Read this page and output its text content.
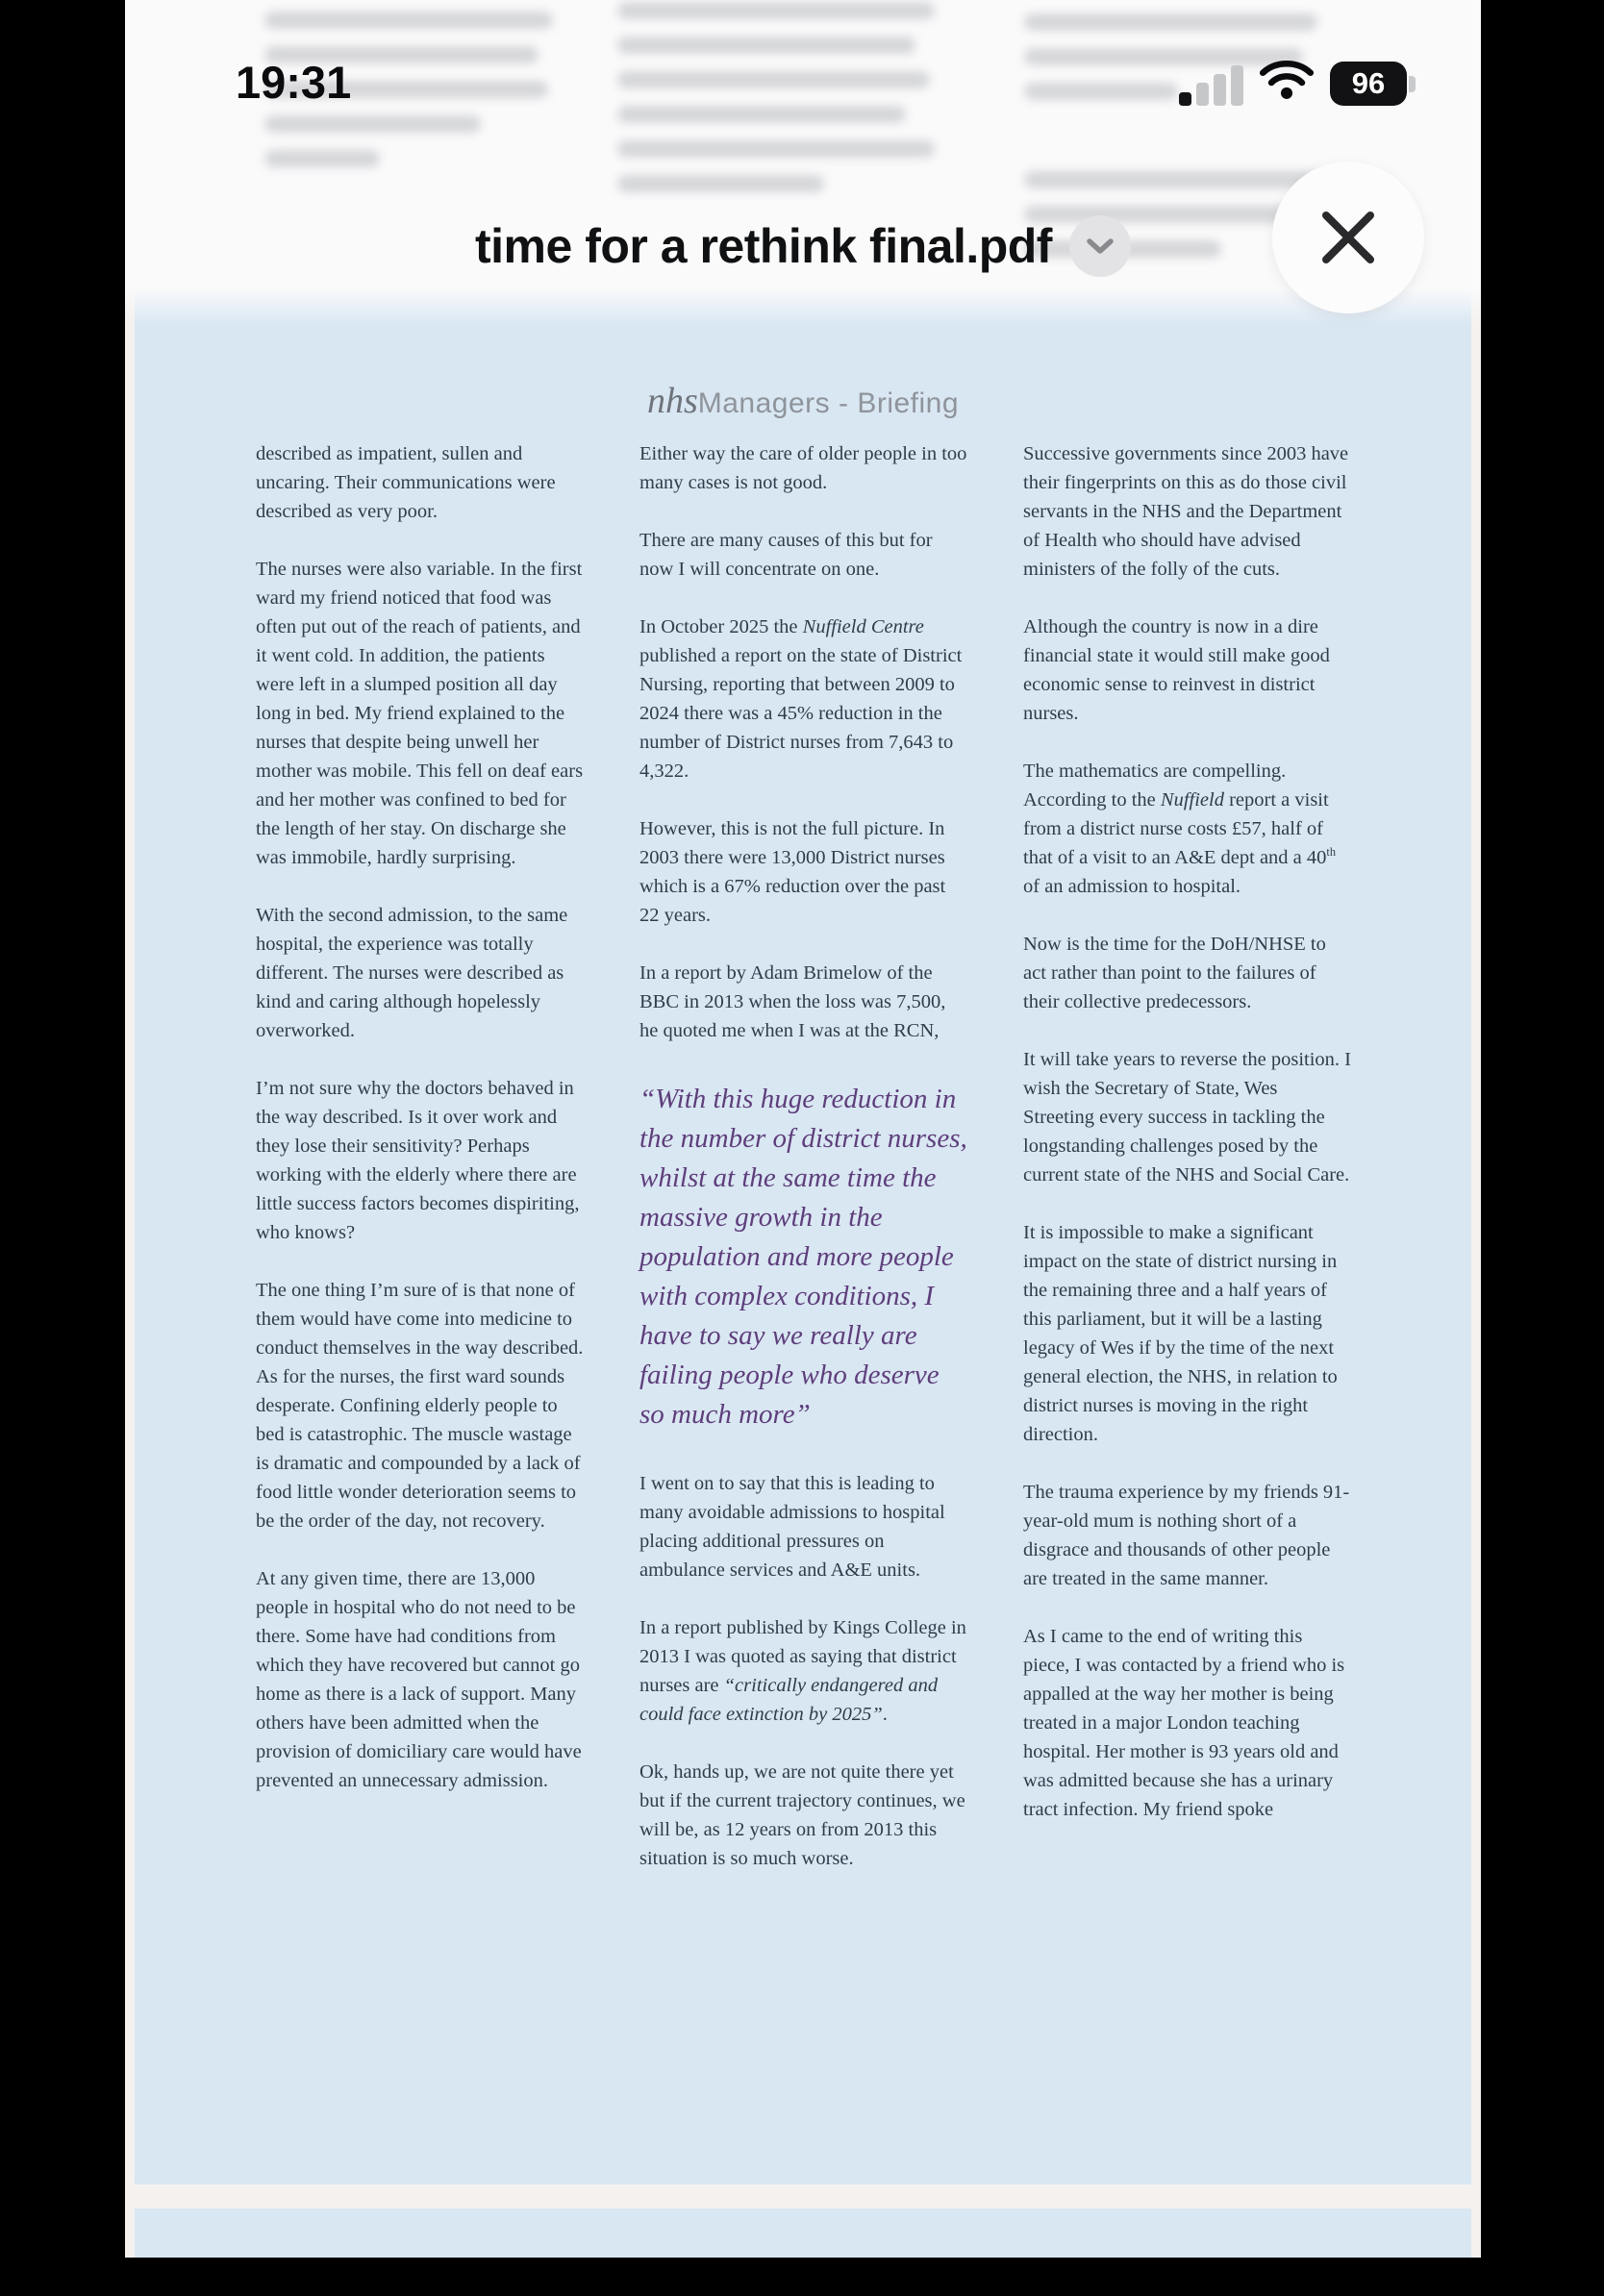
nhsManagers - Briefing

described as impatient, sullen and uncaring. Their communications were described as very poor.

The nurses were also variable. In the first ward my friend noticed that food was often put out of the reach of patients, and it went cold. In addition, the patients were left in a slumped position all day long in bed. My friend explained to the nurses that despite being unwell her mother was mobile. This fell on deaf ears and her mother was confined to bed for the length of her stay. On discharge she was immobile, hardly surprising.

With the second admission, to the same hospital, the experience was totally different. The nurses were described as kind and caring although hopelessly overworked.

I’m not sure why the doctors behaved in the way described. Is it over work and they lose their sensitivity? Perhaps working with the elderly where there are little success factors becomes dispiriting, who knows?

The one thing I’m sure of is that none of them would have come into medicine to conduct themselves in the way described. As for the nurses, the first ward sounds desperate. Confining elderly people to bed is catastrophic. The muscle wastage is dramatic and compounded by a lack of food little wonder deterioration seems to be the order of the day, not recovery.

At any given time, there are 13,000 people in hospital who do not need to be there. Some have had conditions from which they have recovered but cannot go home as there is a lack of support. Many others have been admitted when the provision of domiciliary care would have prevented an unnecessary admission.

Either way the care of older people in too many cases is not good.

There are many causes of this but for now I will concentrate on one.

In October 2025 the Nuffield Centre published a report on the state of District Nursing, reporting that between 2009 to 2024 there was a 45% reduction in the number of District nurses from 7,643 to 4,322.

However, this is not the full picture. In 2003 there were 13,000 District nurses which is a 67% reduction over the past 22 years.

In a report by Adam Brimelow of the BBC in 2013 when the loss was 7,500, he quoted me when I was at the RCN,

“With this huge reduction in the number of district nurses, whilst at the same time the massive growth in the population and more people with complex conditions, I have to say we really are failing people who deserve so much more”

I went on to say that this is leading to many avoidable admissions to hospital placing additional pressures on ambulance services and A&E units.

In a report published by Kings College in 2013 I was quoted as saying that district nurses are “critically endangered and could face extinction by 2025”.

Ok, hands up, we are not quite there yet but if the current trajectory continues, we will be, as 12 years on from 2013 this situation is so much worse.

Successive governments since 2003 have their fingerprints on this as do those civil servants in the NHS and the Department of Health who should have advised ministers of the folly of the cuts.

Although the country is now in a dire financial state it would still make good economic sense to reinvest in district nurses.

The mathematics are compelling. According to the Nuffield report a visit from a district nurse costs £57, half of that of a visit to an A&E dept and a 40th of an admission to hospital.

Now is the time for the DoH/NHSE to act rather than point to the failures of their collective predecessors.

It will take years to reverse the position. I wish the Secretary of State, Wes Streeting every success in tackling the longstanding challenges posed by the current state of the NHS and Social Care.

It is impossible to make a significant impact on the state of district nursing in the remaining three and a half years of this parliament, but it will be a lasting legacy of Wes if by the time of the next general election, the NHS, in relation to district nurses is moving in the right direction.

The trauma experience by my friends 91-year-old mum is nothing short of a disgrace and thousands of other people are treated in the same manner.

As I came to the end of writing this piece, I was contacted by a friend who is appalled at the way her mother is being treated in a major London teaching hospital. Her mother is 93 years old and was admitted because she has a urinary tract infection. My friend spoke

19:31	96
time for a rethink final.pdf
